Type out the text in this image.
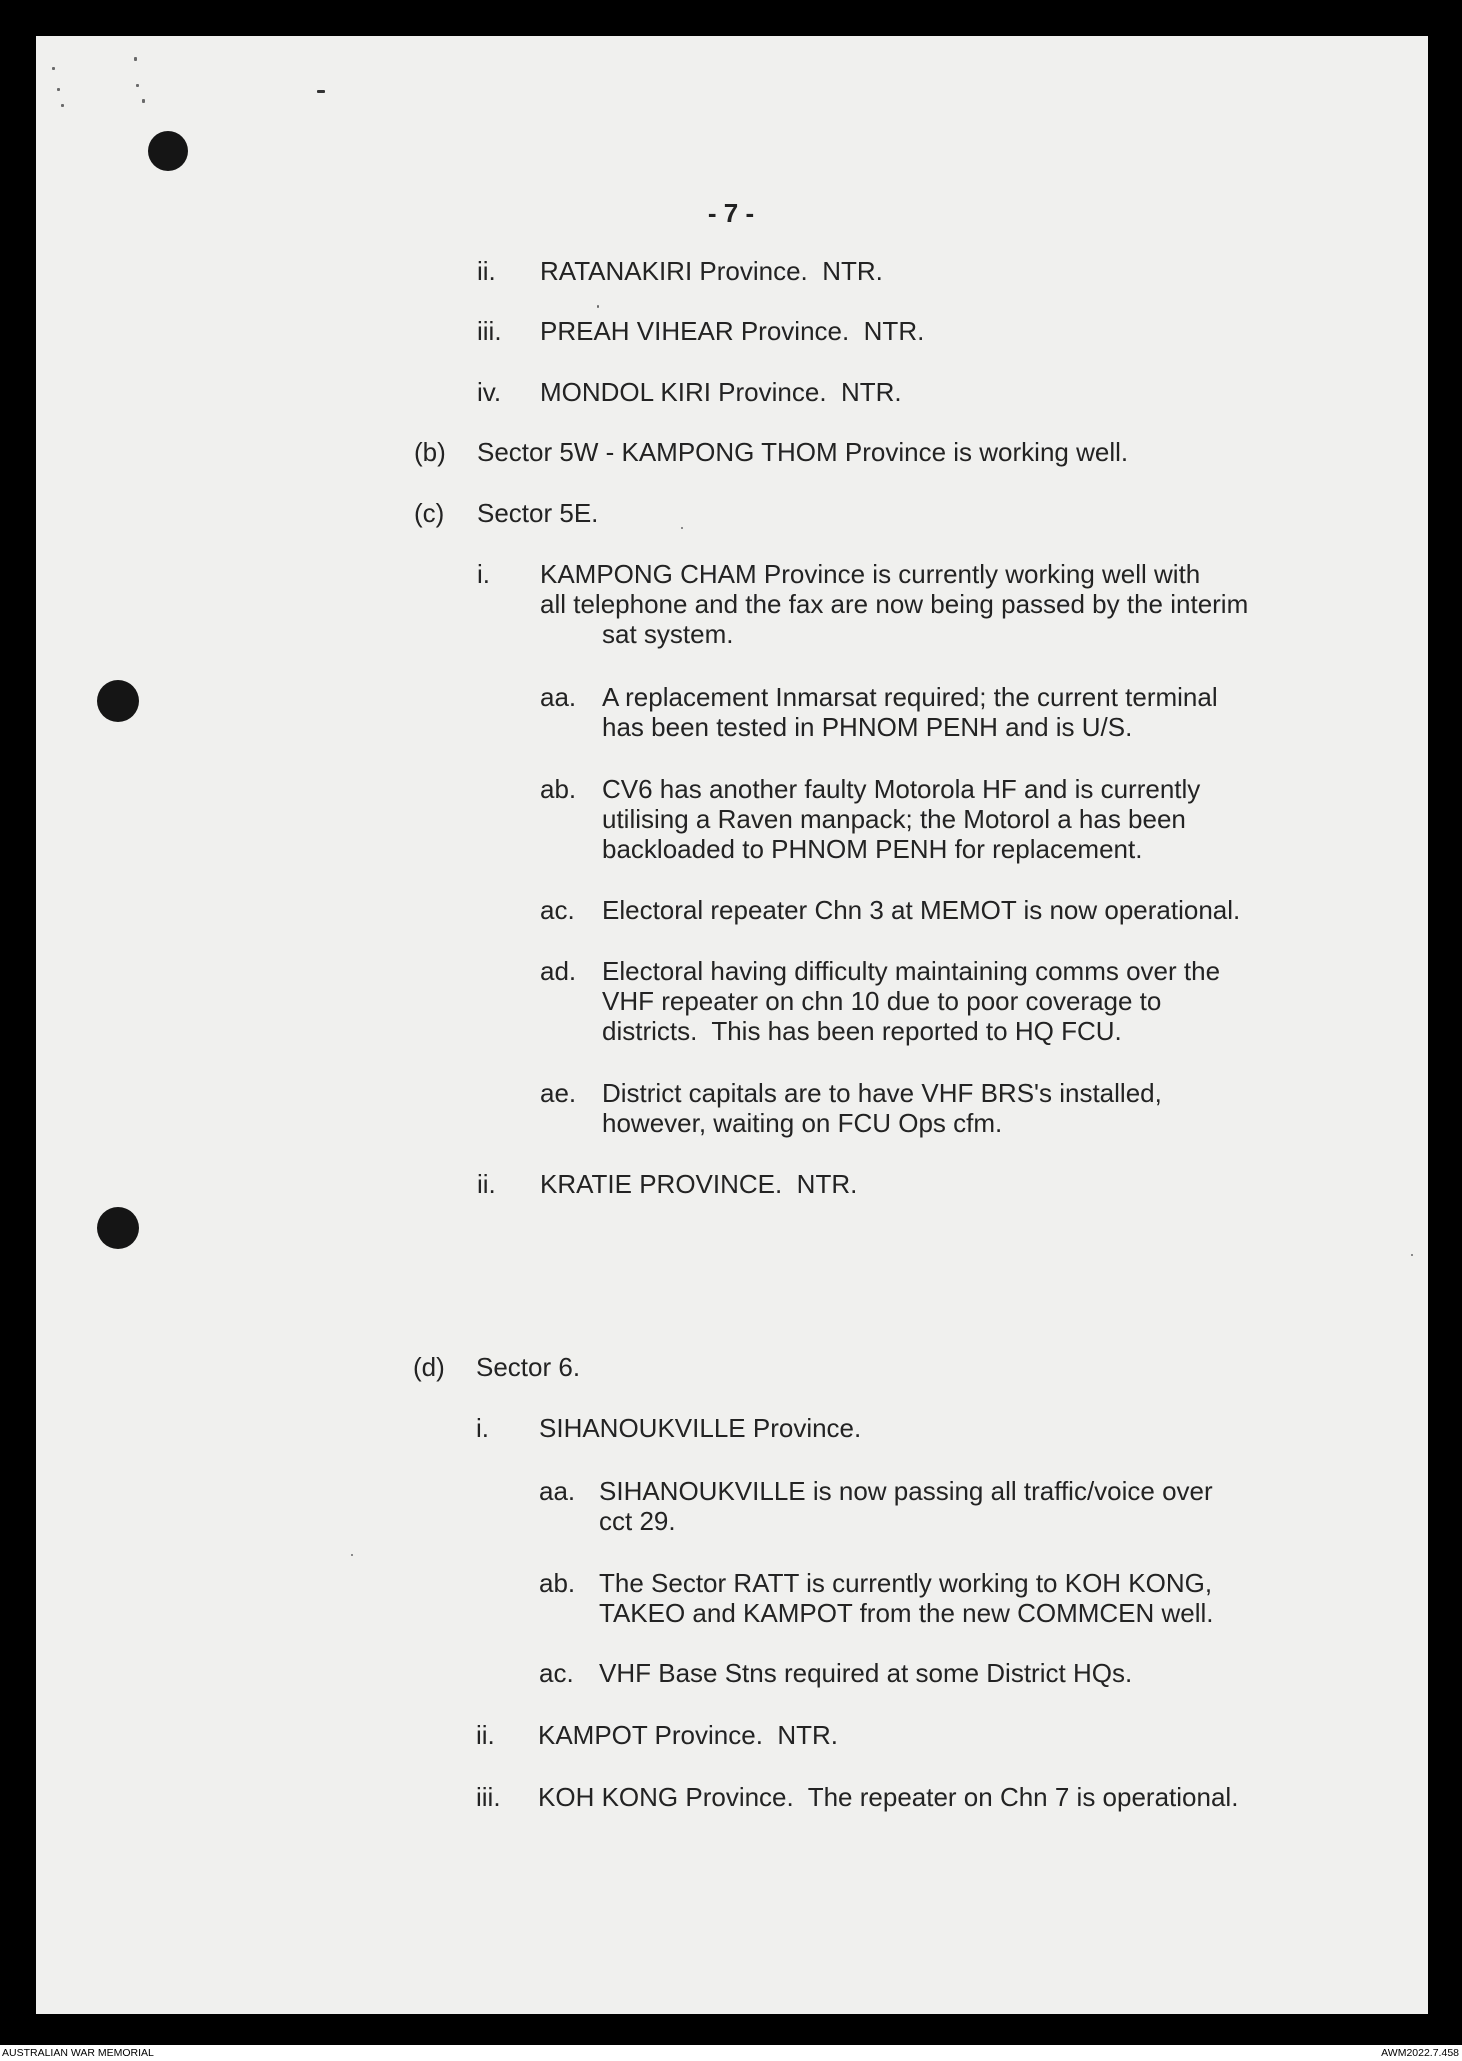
- 7 -
ii. RATANAKIRI Province.  NTR.
iii. PREAH VIHEAR Province.  NTR.
iv. MONDOL KIRI Province.  NTR.
(b) Sector 5W - KAMPONG THOM Province is working well.
(c) Sector 5E.
i. KAMPONG CHAM Province is currently working well with
all telephone and the fax are now being passed by the interim
sat system.
aa. A replacement Inmarsat required; the current terminal
has been tested in PHNOM PENH and is U/S.
ab. CV6 has another faulty Motorola HF and is currently
utilising a Raven manpack; the Motorol a has been
backloaded to PHNOM PENH for replacement.
ac. Electoral repeater Chn 3 at MEMOT is now operational.
ad. Electoral having difficulty maintaining comms over the
VHF repeater on chn 10 due to poor coverage to
districts.  This has been reported to HQ FCU.
ae. District capitals are to have VHF BRS's installed,
however, waiting on FCU Ops cfm.
ii. KRATIE PROVINCE.  NTR.
(d) Sector 6.
i. SIHANOUKVILLE Province.
aa. SIHANOUKVILLE is now passing all traffic/voice over
cct 29.
ab. The Sector RATT is currently working to KOH KONG,
TAKEO and KAMPOT from the new COMMCEN well.
ac. VHF Base Stns required at some District HQs.
ii. KAMPOT Province.  NTR.
iii. KOH KONG Province.  The repeater on Chn 7 is operational.
AUSTRALIAN WAR MEMORIAL	AWM2022.7.458
